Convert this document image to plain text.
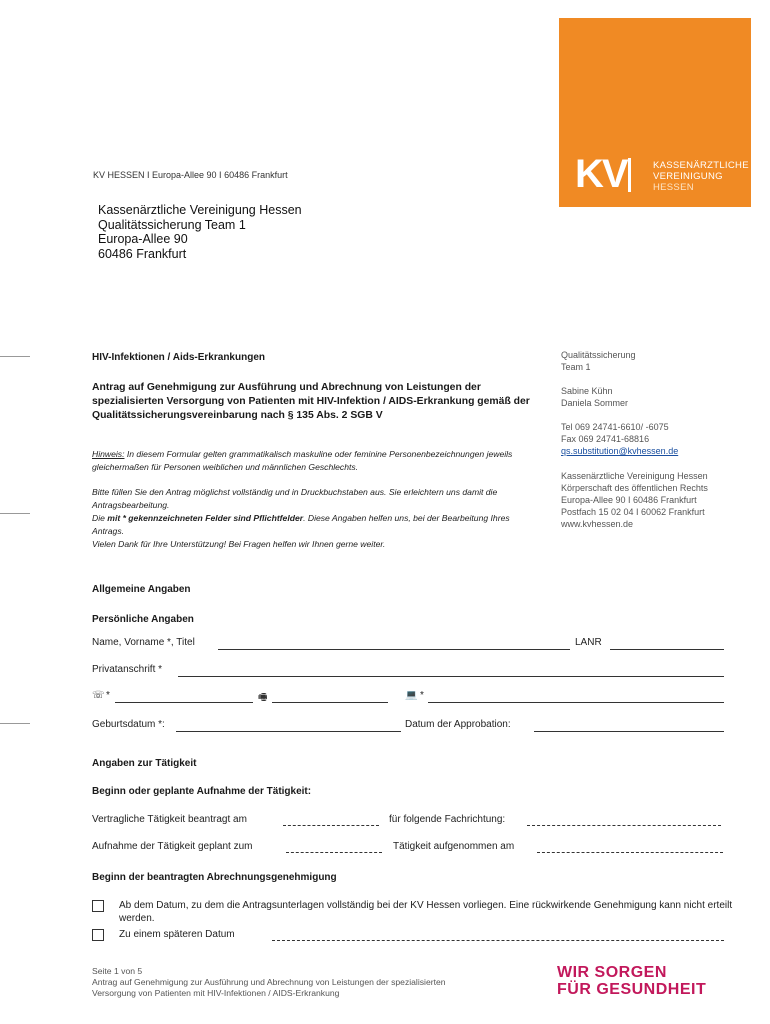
KV	KASSENÄRZTLICHE
VEREINIGUNG
HESSEN
KV HESSEN I Europa-Allee 90 I 60486 Frankfurt
Kassenärztliche Vereinigung Hessen
Qualitätssicherung Team 1
Europa-Allee 90
60486 Frankfurt
Qualitätssicherung
Team 1
Sabine Kühn
Daniela Sommer
Tel 069 24741-6610/ -6075
Fax 069 24741-68816
qs.substitution@kvhessen.de
Kassenärztliche Vereinigung Hessen
Körperschaft des öffentlichen Rechts
Europa-Allee 90 I 60486 Frankfurt
Postfach 15 02 04 I 60062 Frankfurt
www.kvhessen.de
HIV-Infektionen / Aids-Erkrankungen
Antrag auf Genehmigung zur Ausführung und Abrechnung von Leistungen der spezialisierten Versorgung von Patienten mit HIV-Infektion / AIDS-Erkrankung gemäß der Qualitätssicherungsvereinbarung nach § 135 Abs. 2 SGB V
Hinweis: In diesem Formular gelten grammatikalisch maskuline oder feminine Personenbezeichnungen jeweils gleichermaßen für Personen weiblichen und männlichen Geschlechts.
Bitte füllen Sie den Antrag möglichst vollständig und in Druckbuchstaben aus. Sie erleichtern uns damit die Antragsbearbeitung.
Die mit * gekennzeichneten Felder sind Pflichtfelder. Diese Angaben helfen uns, bei der Bearbeitung Ihres Antrags.
Vielen Dank für Ihre Unterstützung! Bei Fragen helfen wir Ihnen gerne weiter.
Allgemeine Angaben
Persönliche Angaben
Name, Vorname *, Titel	LANR
Privatanschrift *
☏ *	🖷	💻 *
Geburtsdatum *:	Datum der Approbation:
Angaben zur Tätigkeit
Beginn oder geplante Aufnahme der Tätigkeit:
Vertragliche Tätigkeit beantragt am	für folgende Fachrichtung:
Aufnahme der Tätigkeit geplant zum	Tätigkeit aufgenommen am
Beginn der beantragten Abrechnungsgenehmigung
Ab dem Datum, zu dem die Antragsunterlagen vollständig bei der KV Hessen vorliegen. Eine rückwirkende Genehmigung kann nicht erteilt werden.
Zu einem späteren Datum
Seite 1 von 5
Antrag auf Genehmigung zur Ausführung und Abrechnung von Leistungen der spezialisierten
Versorgung von Patienten mit HIV-Infektionen / AIDS-Erkrankung
WIR SORGEN
FÜR GESUNDHEIT
